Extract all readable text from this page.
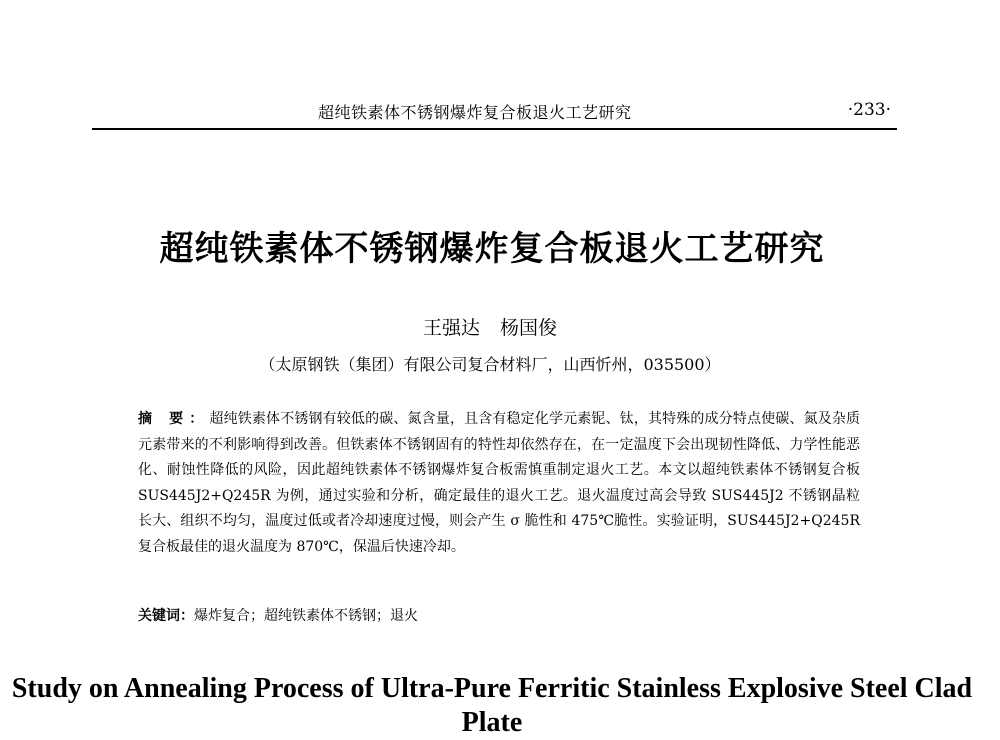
超纯铁素体不锈钢爆炸复合板退火工艺研究	·233·
超纯铁素体不锈钢爆炸复合板退火工艺研究
王强达 杨国俊
（太原钢铁（集团）有限公司复合材料厂，山西忻州，035500）
摘 要：超纯铁素体不锈钢有较低的碳、氮含量，且含有稳定化学元素铌、钛，其特殊的成分特点使碳、氮及杂质元素带来的不利影响得到改善。但铁素体不锈钢固有的特性却依然存在，在一定温度下会出现韧性降低、力学性能恶化、耐蚀性降低的风险，因此超纯铁素体不锈钢爆炸复合板需慎重制定退火工艺。本文以超纯铁素体不锈钢复合板 SUS445J2+Q245R 为例，通过实验和分析，确定最佳的退火工艺。退火温度过高会导致 SUS445J2 不锈钢晶粒长大、组织不均匀，温度过低或者冷却速度过慢，则会产生 σ 脆性和 475℃脆性。实验证明，SUS445J2+Q245R 复合板最佳的退火温度为 870℃，保温后快速冷却。
关键词：爆炸复合；超纯铁素体不锈钢；退火
Study on Annealing Process of Ultra-Pure Ferritic Stainless Explosive Steel Clad Plate
